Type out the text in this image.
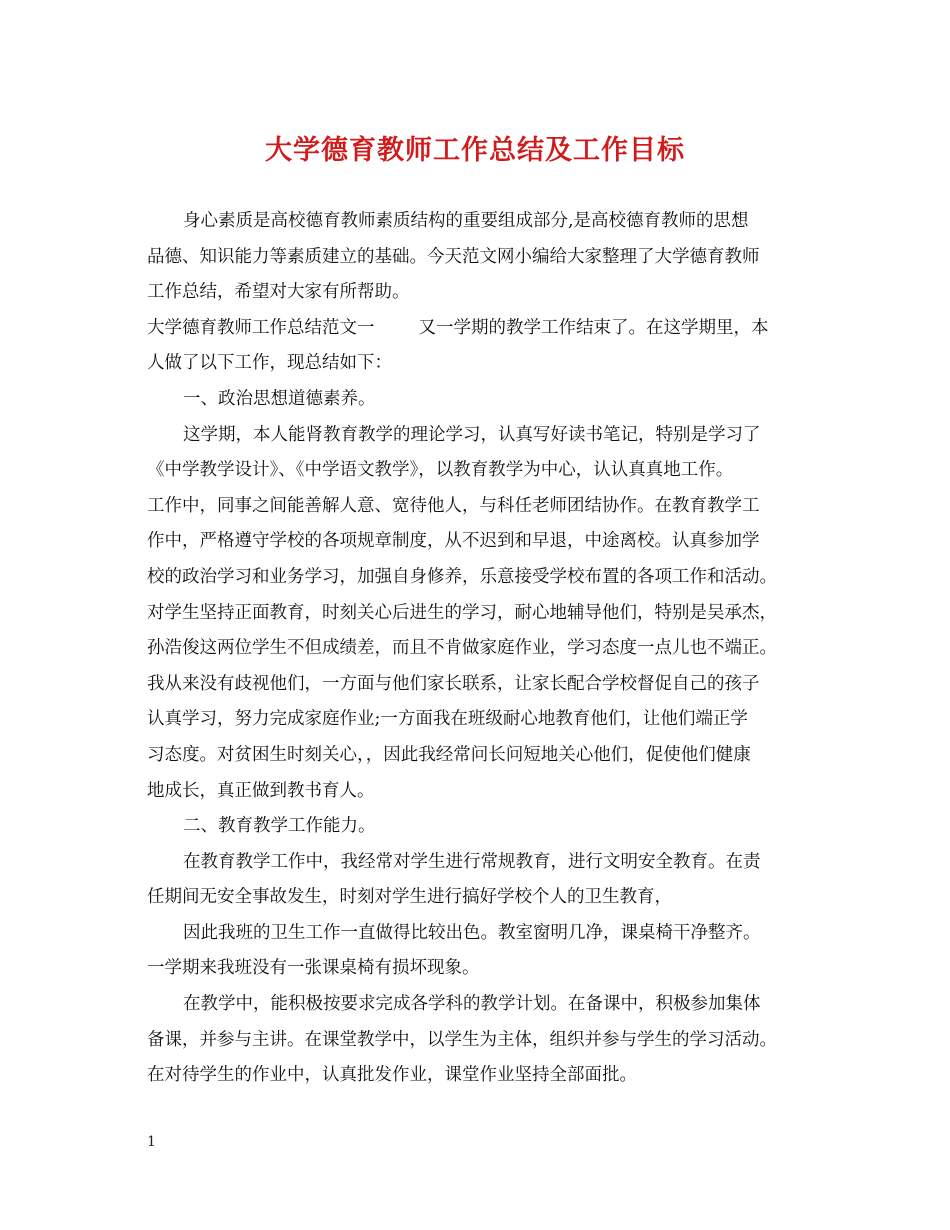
大学德育教师工作总结及工作目标
身心素质是高校德育教师素质结构的重要组成部分,是高校德育教师的思想
品德、知识能力等素质建立的基础。今天范文网小编给大家整理了大学德育教师
工作总结，希望对大家有所帮助。
大学德育教师工作总结范文一	又一学期的教学工作结束了。在这学期里，本
人做了以下工作，现总结如下：
一、政治思想道德素养。
这学期，本人能肾教育教学的理论学习，认真写好读书笔记，特别是学习了
《中学教学设计》、《中学语文教学》，以教育教学为中心，认认真真地工作。
工作中，同事之间能善解人意、宽待他人，与科任老师团结协作。在教育教学工
作中，严格遵守学校的各项规章制度，从不迟到和早退，中途离校。认真参加学
校的政治学习和业务学习，加强自身修养，乐意接受学校布置的各项工作和活动。
对学生坚持正面教育，时刻关心后进生的学习，耐心地辅导他们，特别是吴承杰，
孙浩俊这两位学生不但成绩差，而且不肯做家庭作业，学习态度一点儿也不端正。
我从来没有歧视他们，一方面与他们家长联系，让家长配合学校督促自己的孩子
认真学习，努力完成家庭作业;一方面我在班级耐心地教育他们，让他们端正学
习态度。对贫困生时刻关心，，因此我经常问长问短地关心他们，促使他们健康
地成长，真正做到教书育人。
二、教育教学工作能力。
在教育教学工作中，我经常对学生进行常规教育，进行文明安全教育。在责
任期间无安全事故发生，时刻对学生进行搞好学校个人的卫生教育，
因此我班的卫生工作一直做得比较出色。教室窗明几净，课桌椅干净整齐。
一学期来我班没有一张课桌椅有损坏现象。
在教学中，能积极按要求完成各学科的教学计划。在备课中，积极参加集体
备课，并参与主讲。在课堂教学中，以学生为主体，组织并参与学生的学习活动。
在对待学生的作业中，认真批发作业，课堂作业坚持全部面批。
1
